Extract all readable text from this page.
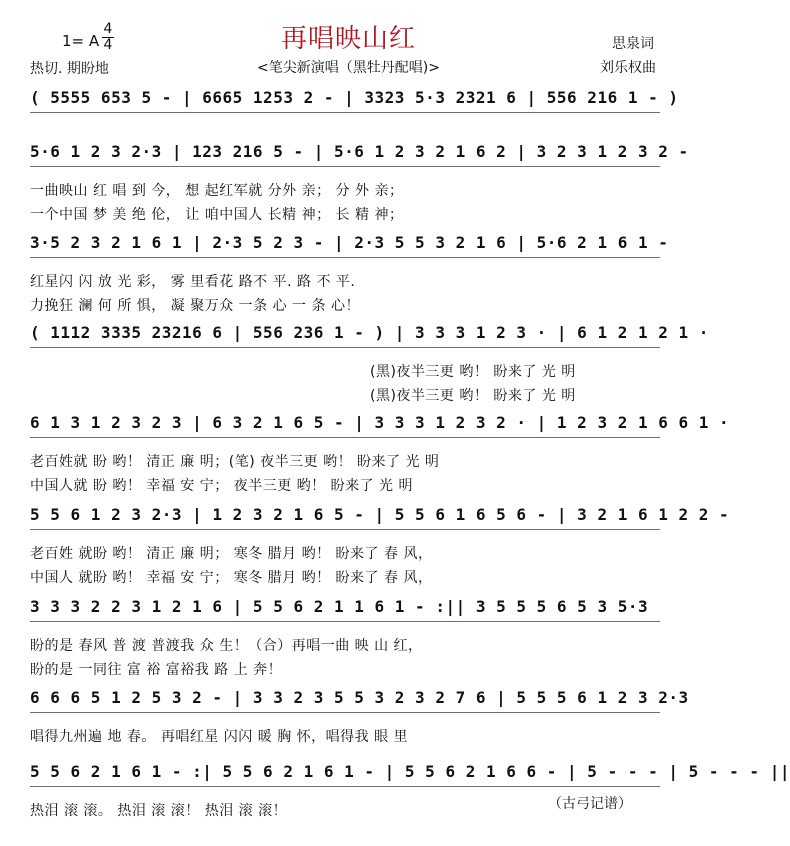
再唱映山红
1= A
4
4
热切. 期盼地	<笔尖新演唱（黑牡丹配唱)>
思泉词
刘乐权曲
( 5555 653 5 - | 6665 1253 2 - | 3323 5·3 2321 6 | 556 216 1 - )
5·6 1 2 3 2·3 | 123 216 5 - | 5·6 1 2 3 2 1 6 2 | 3 2 3 1 2 3 2 -
一曲映山 红 唱 到 今， 想 起红军就 分外 亲； 分 外 亲；
一个中国 梦 美 绝 伦， 让 咱中国人 长精 神； 长 精 神；
3·5 2 3 2 1 6 1 | 2·3 5 2 3 - | 2·3 5 5 3 2 1 6 | 5·6 2 1 6 1 -
红星闪 闪 放 光 彩， 雾 里看花 路不 平. 路 不 平.
力挽狂 澜 何 所 惧， 凝 聚万众 一条 心 一 条 心！
( 1112 3335 23216 6 | 556 236 1 - ) | 3 3 3 1 2 3 · | 6 1 2 1 2 1 ·
(黑)夜半三更 哟！ 盼来了 光 明
(黑)夜半三更 哟！ 盼来了 光 明
6 1 3 1 2 3 2 3 | 6 3 2 1 6 5 - | 3 3 3 1 2 3 2 · | 1 2 3 2 1 6 6 1 ·
老百姓就 盼 哟！ 清正 廉 明；(笔) 夜半三更 哟！ 盼来了 光 明
中国人就 盼 哟！ 幸福 安 宁； 夜半三更 哟！ 盼来了 光 明
5 5 6 1 2 3 2·3 | 1 2 3 2 1 6 5 - | 5 5 6 1 6 5 6 - | 3 2 1 6 1 2 2 -
老百姓 就盼 哟！ 清正 廉 明； 寒冬 腊月 哟！ 盼来了 春 风，
中国人 就盼 哟！ 幸福 安 宁； 寒冬 腊月 哟！ 盼来了 春 风，
3 3 3 2 2 3 1 2 1 6 | 5 5 6 2 1 1 6 1 - :|| 3 5 5 5 6 5 3 5·3
盼的是 春风 普 渡 普渡我 众 生！（合）再唱一曲 映 山 红，
盼的是 一同往 富 裕 富裕我 路 上 奔！
6 6 6 5 1 2 5 3 2 - | 3 3 2 3 5 5 3 2 3 2 7 6 | 5 5 5 6 1 2 3 2·3
唱得九州遍 地 春。 再唱红星 闪闪 暖 胸 怀，唱得我 眼 里
5 5 6 2 1 6 1 - :| 5 5 6 2 1 6 1 - | 5 5 6 2 1 6 6 - | 5 - - - | 5 - - - ||
热泪 滚 滚。 热泪 滚 滚！ 热泪 滚 滚！	（古弓记谱）
